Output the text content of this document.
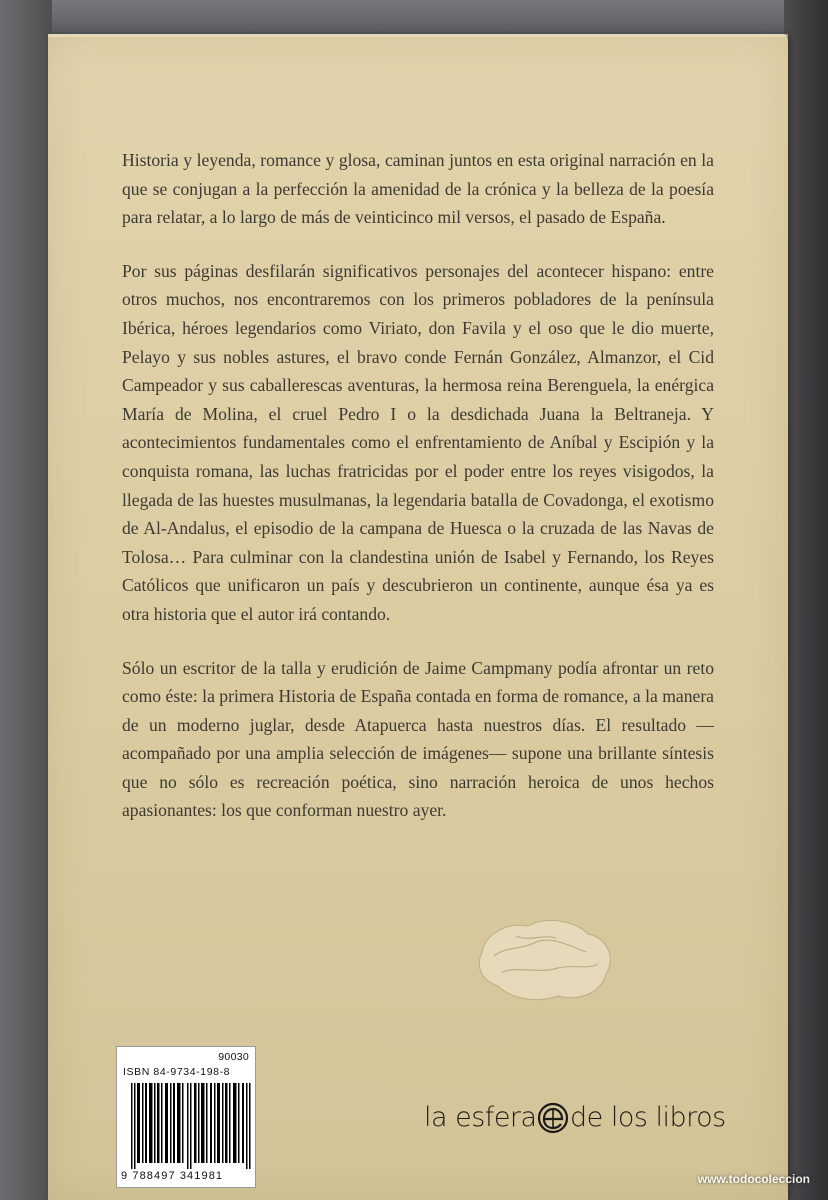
Historia y leyenda, romance y glosa, caminan juntos en esta original narración en la que se conjugan a la perfección la amenidad de la crónica y la belleza de la poesía para relatar, a lo largo de más de veinticinco mil versos, el pasado de España.

Por sus páginas desfilarán significativos personajes del acontecer hispano: entre otros muchos, nos encontraremos con los primeros pobladores de la península Ibérica, héroes legendarios como Viriato, don Favila y el oso que le dio muerte, Pelayo y sus nobles astures, el bravo conde Fernán González, Almanzor, el Cid Campeador y sus caballerescas aventuras, la hermosa reina Berenguela, la enérgica María de Molina, el cruel Pedro I o la desdichada Juana la Beltraneja. Y acontecimientos fundamentales como el enfrentamiento de Aníbal y Escipión y la conquista romana, las luchas fratricidas por el poder entre los reyes visigodos, la llegada de las huestes musulmanas, la legendaria batalla de Covadonga, el exotismo de Al-Andalus, el episodio de la campana de Huesca o la cruzada de las Navas de Tolosa… Para culminar con la clandestina unión de Isabel y Fernando, los Reyes Católicos que unificaron un país y descubrieron un continente, aunque ésa ya es otra historia que el autor irá contando.

Sólo un escritor de la talla y erudición de Jaime Campmany podía afrontar un reto como éste: la primera Historia de España contada en forma de romance, a la manera de un moderno juglar, desde Atapuerca hasta nuestros días. El resultado —acompañado por una amplia selección de imágenes— supone una brillante síntesis que no sólo es recreación poética, sino narración heroica de unos hechos apasionantes: los que conforman nuestro ayer.

90030
ISBN 84-9734-198-8
9 788497 341981
la esfera de los libros
www.todocoleccion
